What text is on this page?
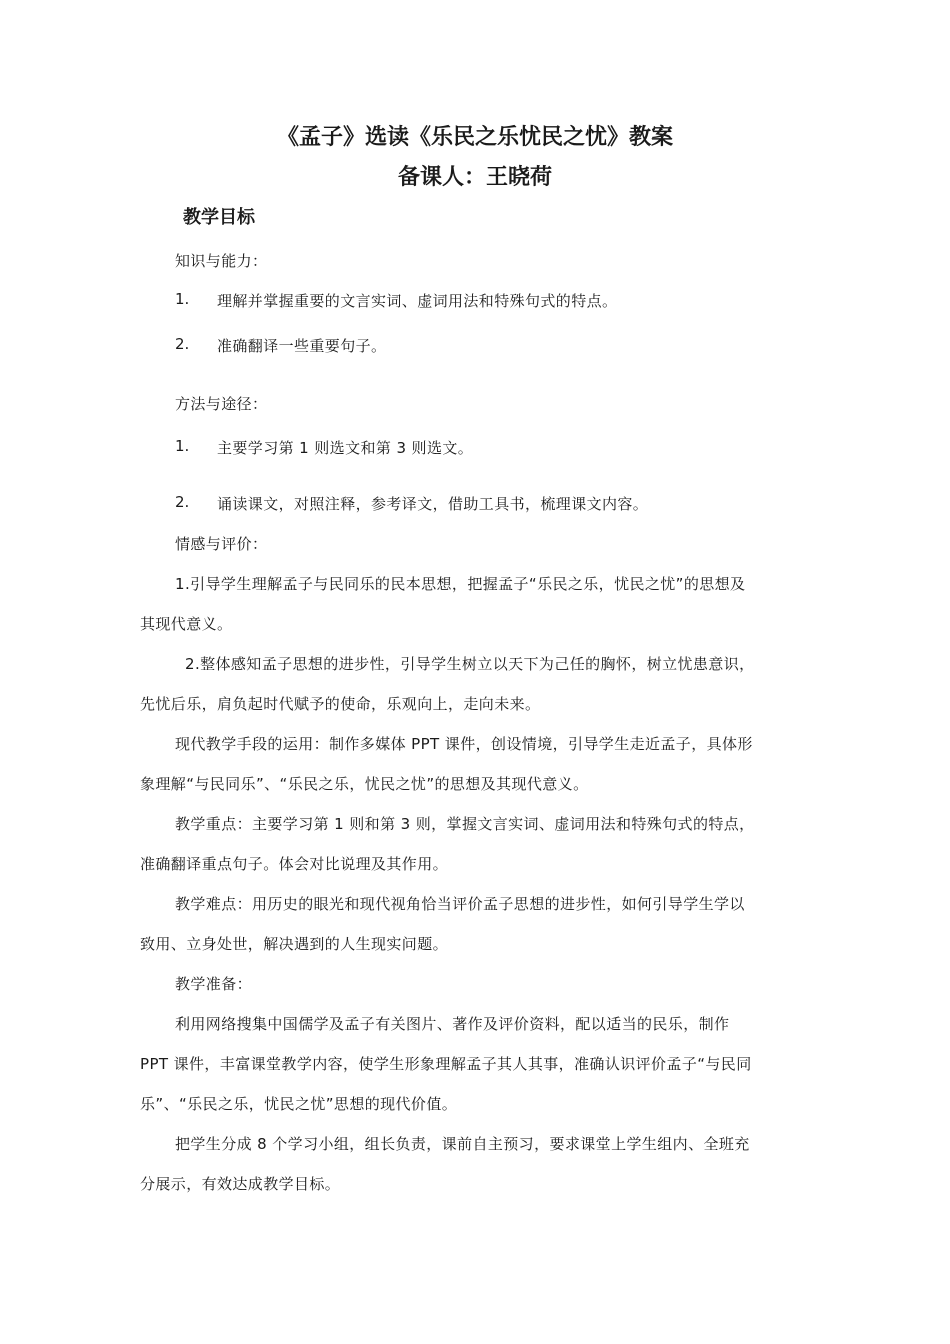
《孟子》选读《乐民之乐忧民之忧》教案
备课人：王晓荷
教学目标
知识与能力：
1. 理解并掌握重要的文言实词、虚词用法和特殊句式的特点。
2. 准确翻译一些重要句子。
方法与途径：
1. 主要学习第 1 则选文和第 3 则选文。
2. 诵读课文，对照注释，参考译文，借助工具书，梳理课文内容。
情感与评价：
1.引导学生理解孟子与民同乐的民本思想，把握孟子“乐民之乐，忧民之忧”的思想及
其现代意义。
2.整体感知孟子思想的进步性，引导学生树立以天下为己任的胸怀，树立忧患意识，
先忧后乐，肩负起时代赋予的使命，乐观向上，走向未来。
现代教学手段的运用：制作多媒体 PPT 课件，创设情境，引导学生走近孟子，具体形
象理解“与民同乐”、“乐民之乐，忧民之忧”的思想及其现代意义。
教学重点：主要学习第 1 则和第 3 则，掌握文言实词、虚词用法和特殊句式的特点，
准确翻译重点句子。体会对比说理及其作用。
教学难点：用历史的眼光和现代视角恰当评价孟子思想的进步性，如何引导学生学以
致用、立身处世，解决遇到的人生现实问题。
教学准备：
利用网络搜集中国儒学及孟子有关图片、著作及评价资料，配以适当的民乐，制作
PPT 课件，丰富课堂教学内容，使学生形象理解孟子其人其事，准确认识评价孟子“与民同
乐”、“乐民之乐，忧民之忧”思想的现代价值。
把学生分成 8 个学习小组，组长负责，课前自主预习，要求课堂上学生组内、全班充
分展示，有效达成教学目标。
